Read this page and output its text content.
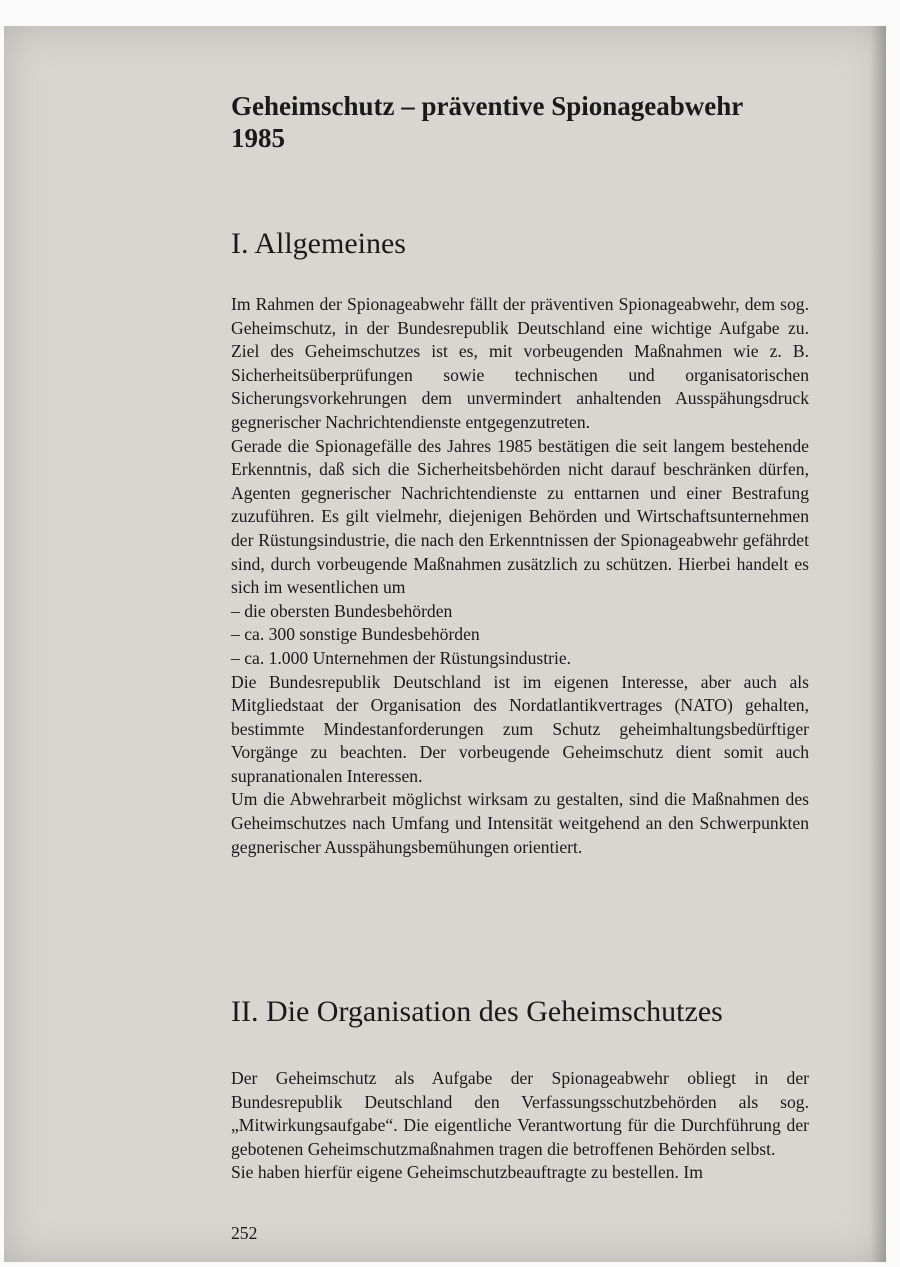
Geheimschutz – präventive Spionageabwehr
1985
I. Allgemeines

Im Rahmen der Spionageabwehr fällt der präventiven Spionageabwehr, dem sog. Geheimschutz, in der Bundesrepublik Deutschland eine wichtige Aufgabe zu. Ziel des Geheimschutzes ist es, mit vorbeugenden Maßnahmen wie z. B. Sicherheitsüberprüfungen sowie technischen und organisatorischen Sicherungsvorkehrungen dem unvermindert anhaltenden Ausspähungsdruck gegnerischer Nachrichtendienste entgegenzutreten.

Gerade die Spionagefälle des Jahres 1985 bestätigen die seit langem bestehende Erkenntnis, daß sich die Sicherheitsbehörden nicht darauf beschränken dürfen, Agenten gegnerischer Nachrichtendienste zu enttarnen und einer Bestrafung zuzuführen. Es gilt vielmehr, diejenigen Behörden und Wirtschaftsunternehmen der Rüstungsindustrie, die nach den Erkenntnissen der Spionageabwehr gefährdet sind, durch vorbeugende Maßnahmen zusätzlich zu schützen. Hierbei handelt es sich im wesentlichen um

– die obersten Bundesbehörden

– ca. 300 sonstige Bundesbehörden

– ca. 1.000 Unternehmen der Rüstungsindustrie.

Die Bundesrepublik Deutschland ist im eigenen Interesse, aber auch als Mitgliedstaat der Organisation des Nordatlantikvertrages (NATO) gehalten, bestimmte Mindestanforderungen zum Schutz geheimhaltungsbedürftiger Vorgänge zu beachten. Der vorbeugende Geheimschutz dient somit auch supranationalen Interessen.

Um die Abwehrarbeit möglichst wirksam zu gestalten, sind die Maßnahmen des Geheimschutzes nach Umfang und Intensität weitgehend an den Schwerpunkten gegnerischer Ausspähungsbemühungen orientiert.

II. Die Organisation des Geheimschutzes

Der Geheimschutz als Aufgabe der Spionageabwehr obliegt in der Bundesrepublik Deutschland den Verfassungsschutzbehörden als sog. „Mitwirkungsaufgabe“. Die eigentliche Verantwortung für die Durchführung der gebotenen Geheimschutzmaßnahmen tragen die betroffenen Behörden selbst.

Sie haben hierfür eigene Geheimschutzbeauftragte zu bestellen. Im

252
